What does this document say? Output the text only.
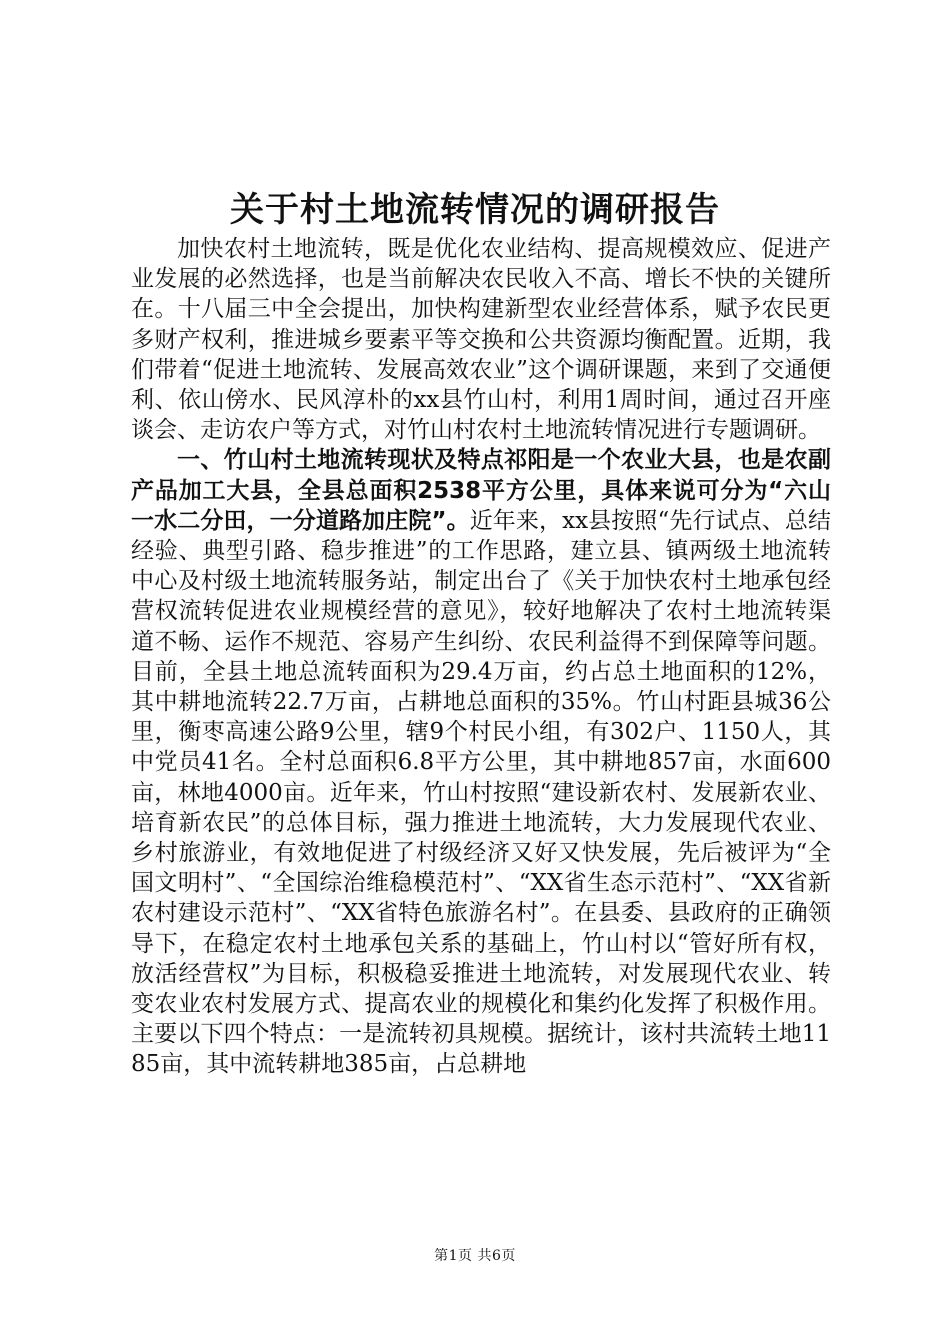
关于村土地流转情况的调研报告

加快农村土地流转，既是优化农业结构、提高规模效应、促进产业发展的必然选择，也是当前解决农民收入不高、增长不快的关键所在。十八届三中全会提出，加快构建新型农业经营体系，赋予农民更多财产权利，推进城乡要素平等交换和公共资源均衡配置。近期，我们带着“促进土地流转、发展高效农业”这个调研课题，来到了交通便利、依山傍水、民风淳朴的xx县竹山村，利用1周时间，通过召开座谈会、走访农户等方式，对竹山村农村土地流转情况进行专题调研。

一、竹山村土地流转现状及特点祁阳是一个农业大县，也是农副产品加工大县，全县总面积2538平方公里，具体来说可分为“六山一水二分田，一分道路加庄院”。近年来，xx县按照“先行试点、总结经验、典型引路、稳步推进”的工作思路，建立县、镇两级土地流转中心及村级土地流转服务站，制定出台了《关于加快农村土地承包经营权流转促进农业规模经营的意见》，较好地解决了农村土地流转渠道不畅、运作不规范、容易产生纠纷、农民利益得不到保障等问题。目前，全县土地总流转面积为29.4万亩，约占总土地面积的12%，其中耕地流转22.7万亩，占耕地总面积的35%。竹山村距县城36公里，衡枣高速公路9公里，辖9个村民小组，有302户、1150人，其中党员41名。全村总面积6.8平方公里，其中耕地857亩，水面600亩，林地4000亩。近年来，竹山村按照“建设新农村、发展新农业、培育新农民”的总体目标，强力推进土地流转，大力发展现代农业、乡村旅游业，有效地促进了村级经济又好又快发展，先后被评为“全国文明村”、“全国综治维稳模范村”、“XX省生态示范村”、“XX省新农村建设示范村”、“XX省特色旅游名村”。在县委、县政府的正确领导下，在稳定农村土地承包关系的基础上，竹山村以“管好所有权，放活经营权”为目标，积极稳妥推进土地流转，对发展现代农业、转变农业农村发展方式、提高农业的规模化和集约化发挥了积极作用。主要以下四个特点：一是流转初具规模。据统计，该村共流转土地1185亩，其中流转耕地385亩，占总耕地

第1页 共6页
